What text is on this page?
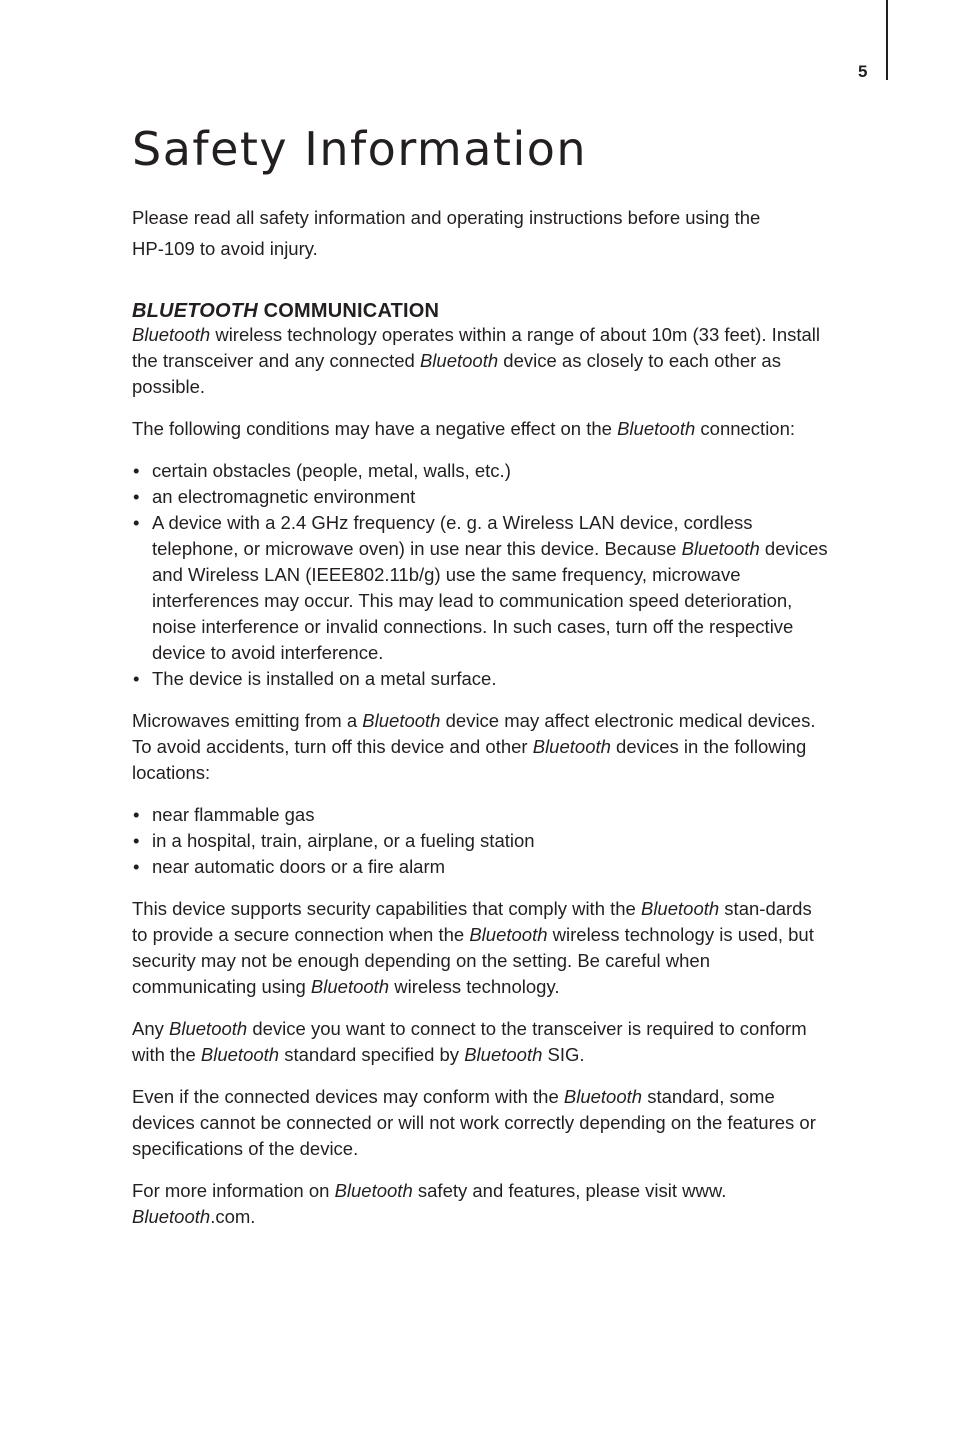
5
Safety Information

Please read all safety information and operating instructions before using the
HP-109 to avoid injury.

BLUETOOTH COMMUNICATION

Bluetooth wireless technology operates within a range of about 10m (33 feet). Install the transceiver and any connected Bluetooth device as closely to each other as possible.

The following conditions may have a negative effect on the Bluetooth connection:

• certain obstacles (people, metal, walls, etc.)
• an electromagnetic environment
• A device with a 2.4 GHz frequency (e. g. a Wireless LAN device, cordless telephone, or microwave oven) in use near this device. Because Bluetooth devices and Wireless LAN (IEEE802.11b/g) use the same frequency, microwave interferences may occur. This may lead to communication speed deterioration, noise interference or invalid connections. In such cases, turn off the respective device to avoid interference.
• The device is installed on a metal surface.

Microwaves emitting from a Bluetooth device may affect electronic medical devices. To avoid accidents, turn off this device and other Bluetooth devices in the following locations:

• near flammable gas
• in a hospital, train, airplane, or a fueling station
• near automatic doors or a fire alarm

This device supports security capabilities that comply with the Bluetooth stan-dards to provide a secure connection when the Bluetooth wireless technology is used, but security may not be enough depending on the setting. Be careful when communicating using Bluetooth wireless technology.

Any Bluetooth device you want to connect to the transceiver is required to conform with the Bluetooth standard specified by Bluetooth SIG.

Even if the connected devices may conform with the Bluetooth standard, some devices cannot be connected or will not work correctly depending on the features or specifications of the device.

For more information on Bluetooth safety and features, please visit www.
Bluetooth.com.
